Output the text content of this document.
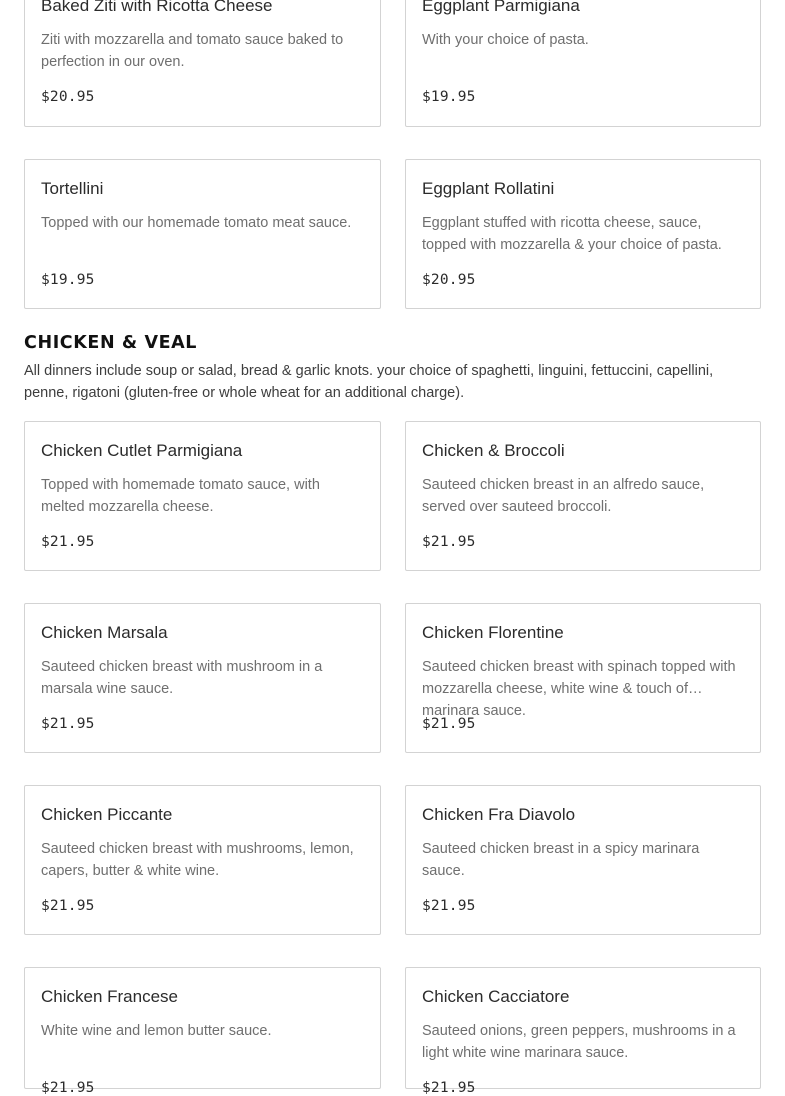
Baked Ziti with Ricotta Cheese
Ziti with mozzarella and tomato sauce baked to perfection in our oven.
$20.95
Eggplant Parmigiana
With your choice of pasta.
$19.95
Tortellini
Topped with our homemade tomato meat sauce.
$19.95
Eggplant Rollatini
Eggplant stuffed with ricotta cheese, sauce, topped with mozzarella & your choice of pasta.
$20.95
CHICKEN & VEAL
All dinners include soup or salad, bread & garlic knots. your choice of spaghetti, linguini, fettuccini, capellini, penne, rigatoni (gluten-free or whole wheat for an additional charge).
Chicken Cutlet Parmigiana
Topped with homemade tomato sauce, with melted mozzarella cheese.
$21.95
Chicken & Broccoli
Sauteed chicken breast in an alfredo sauce, served over sauteed broccoli.
$21.95
Chicken Marsala
Sauteed chicken breast with mushroom in a marsala wine sauce.
$21.95
Chicken Florentine
Sauteed chicken breast with spinach topped with mozzarella cheese, white wine & touch of marinara sauce.
$21.95
Chicken Piccante
Sauteed chicken breast with mushrooms, lemon, capers, butter & white wine.
$21.95
Chicken Fra Diavolo
Sauteed chicken breast in a spicy marinara sauce.
$21.95
Chicken Francese
White wine and lemon butter sauce.
$21.95
Chicken Cacciatore
Sauteed onions, green peppers, mushrooms in a light white wine marinara sauce.
$21.95
